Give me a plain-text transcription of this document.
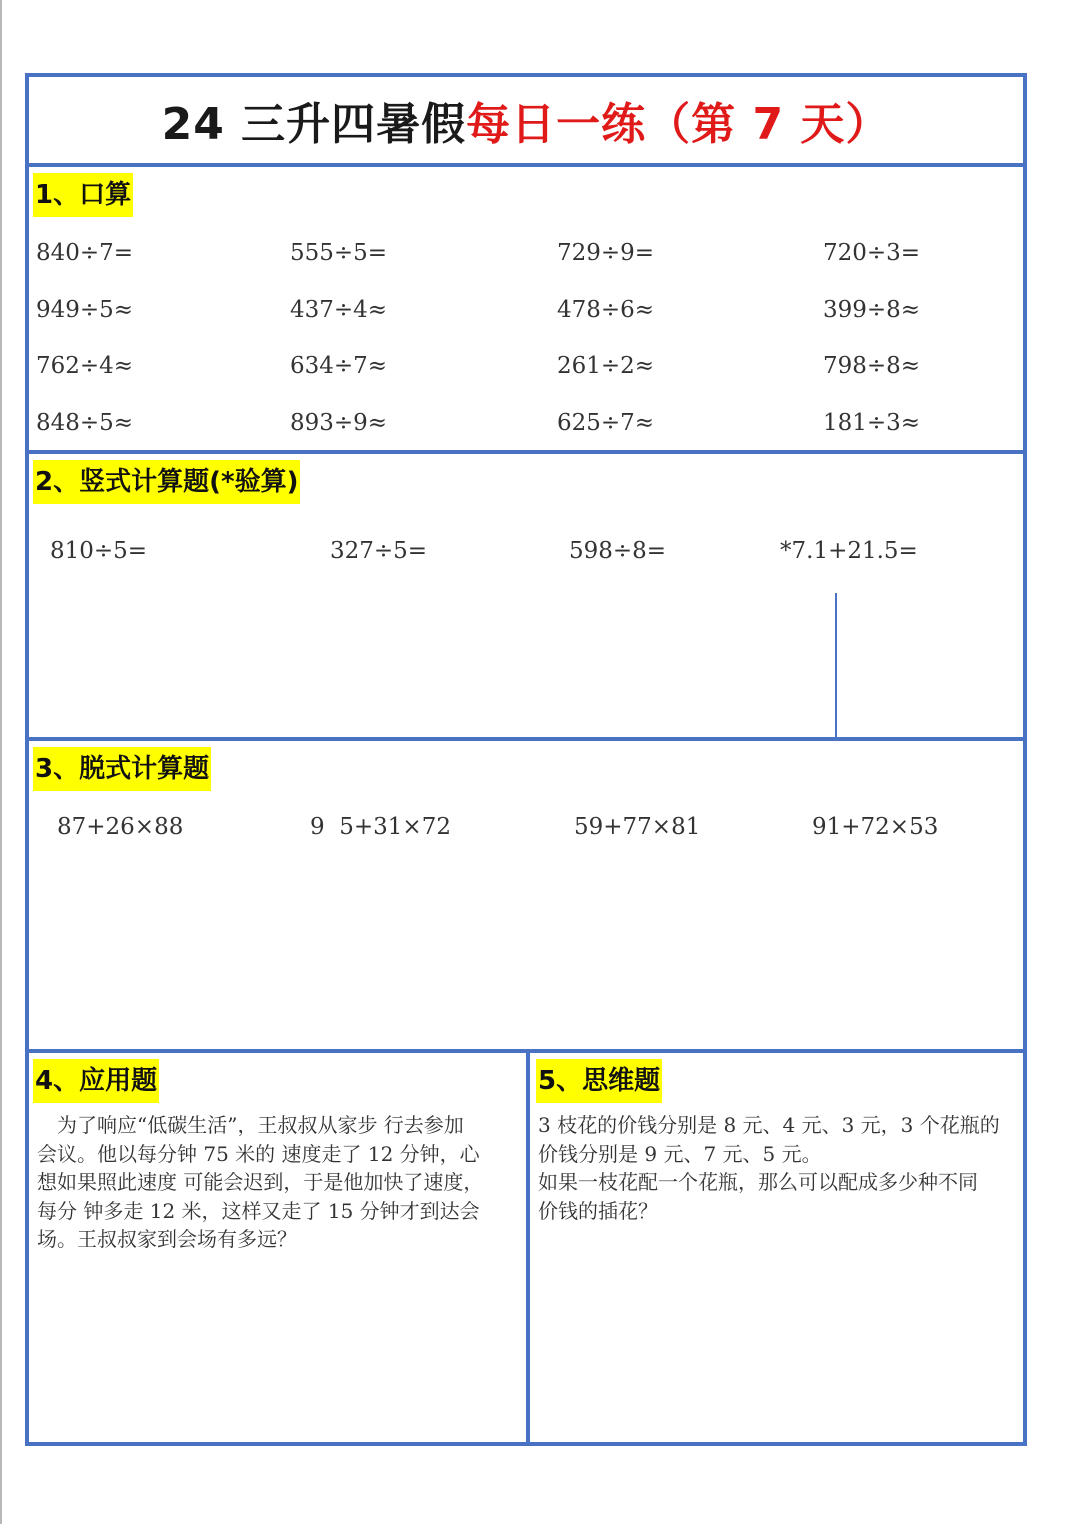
24 三升四暑假每日一练（第 7 天）
1、口算
840÷7=	555÷5=	729÷9=	720÷3=
949÷5≈	437÷4≈	478÷6≈	399÷8≈
762÷4≈	634÷7≈	261÷2≈	798÷8≈
848÷5≈	893÷9≈	625÷7≈	181÷3≈
2、竖式计算题(*验算)
810÷5=	327÷5=	598÷8=	*7.1+21.5=
3、脱式计算题
87+26×88	9  5+31×72	59+77×81	91+72×53
4、应用题
为了响应“低碳生活”，王叔叔从家步 行去参加
会议。他以每分钟 75 米的 速度走了 12 分钟，心
想如果照此速度 可能会迟到，于是他加快了速度，
每分 钟多走 12 米，这样又走了 15 分钟才到达会
场。王叔叔家到会场有多远？
5、思维题
3 枝花的价钱分别是 8 元、4 元、3 元，3 个花瓶的
价钱分别是 9 元、7 元、5 元。
如果一枝花配一个花瓶，那么可以配成多少种不同
价钱的插花？
